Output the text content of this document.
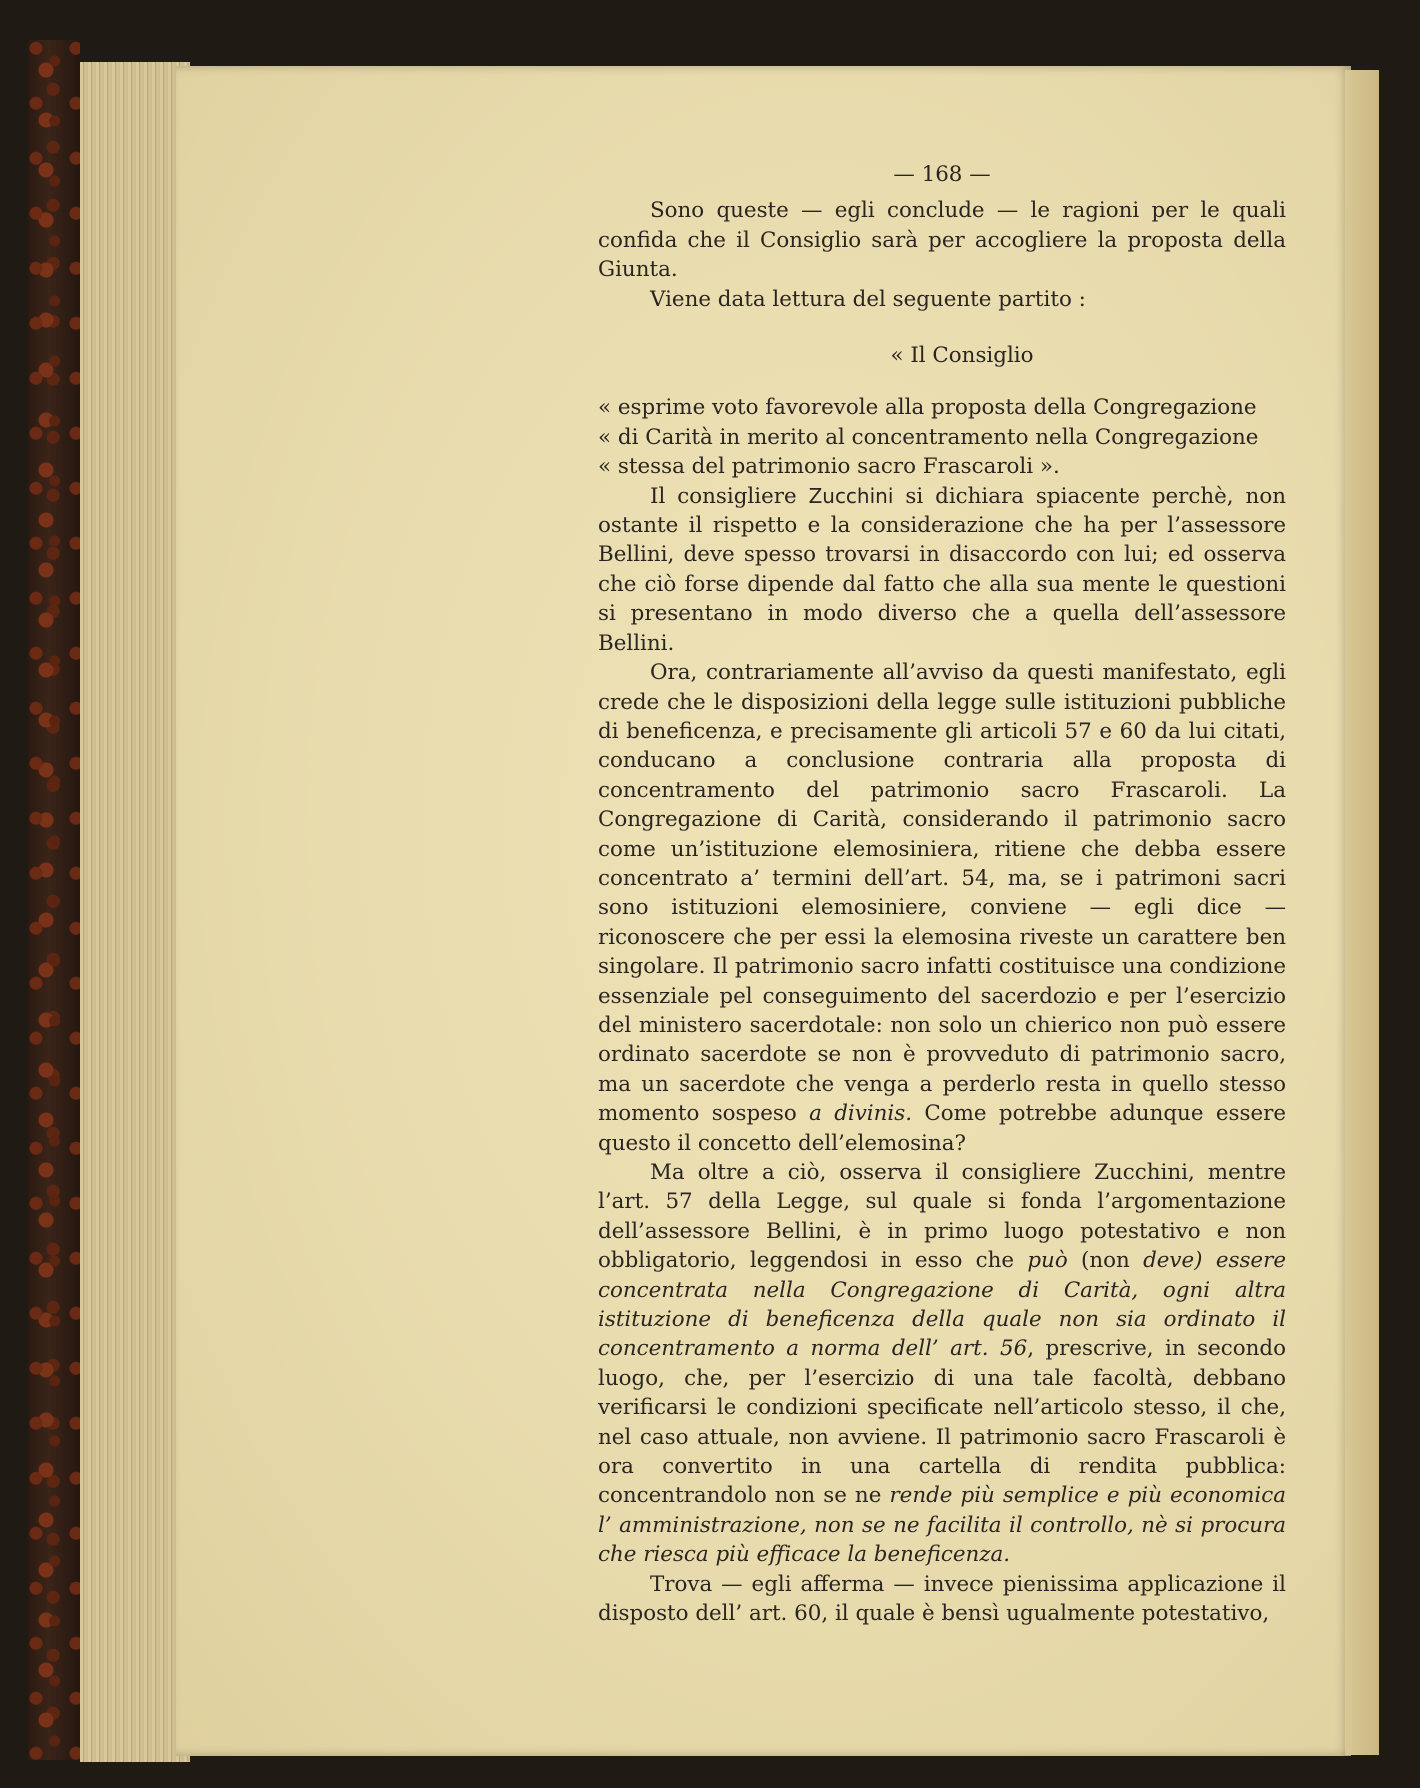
— 168 —

Sono queste — egli conclude — le ragioni per le quali confida che il Consiglio sarà per accogliere la proposta della Giunta.

Viene data lettura del seguente partito :

« Il Consiglio
« esprime voto favorevole alla proposta della Congregazione
« di Carità in merito al concentramento nella Congregazione
« stessa del patrimonio sacro Frascaroli ».

Il consigliere Zucchini si dichiara spiacente perchè, non ostante il rispetto e la considerazione che ha per l’assessore Bellini, deve spesso trovarsi in disaccordo con lui; ed osserva che ciò forse dipende dal fatto che alla sua mente le questioni si presentano in modo diverso che a quella dell’assessore Bellini.

Ora, contrariamente all’avviso da questi manifestato, egli crede che le disposizioni della legge sulle istituzioni pubbliche di beneficenza, e precisamente gli articoli 57 e 60 da lui citati, conducano a conclusione contraria alla proposta di concentramento del patrimonio sacro Frascaroli. La Congregazione di Carità, considerando il patrimonio sacro come un’istituzione elemosiniera, ritiene che debba essere concentrato a’ termini dell’art. 54, ma, se i patrimoni sacri sono istituzioni elemosiniere, conviene — egli dice — riconoscere che per essi la elemosina riveste un carattere ben singolare. Il patrimonio sacro infatti costituisce una condizione essenziale pel conseguimento del sacerdozio e per l’esercizio del ministero sacerdotale: non solo un chierico non può essere ordinato sacerdote se non è provveduto di patrimonio sacro, ma un sacerdote che venga a perderlo resta in quello stesso momento sospeso a divinis. Come potrebbe adunque essere questo il concetto dell’elemosina?

Ma oltre a ciò, osserva il consigliere Zucchini, mentre l’art. 57 della Legge, sul quale si fonda l’argomentazione dell’assessore Bellini, è in primo luogo potestativo e non obbligatorio, leggendosi in esso che può (non deve) essere concentrata nella Congregazione di Carità, ogni altra istituzione di beneficenza della quale non sia ordinato il concentramento a norma dell’ art. 56, prescrive, in secondo luogo, che, per l’esercizio di una tale facoltà, debbano verificarsi le condizioni specificate nell’articolo stesso, il che, nel caso attuale, non avviene. Il patrimonio sacro Frascaroli è ora convertito in una cartella di rendita pubblica: concentrandolo non se ne rende più semplice e più economica l’ amministrazione, non se ne facilita il controllo, nè si procura che riesca più efficace la beneficenza.

Trova — egli afferma — invece pienissima applicazione il disposto dell’ art. 60, il quale è bensì ugualmente potestativo,
